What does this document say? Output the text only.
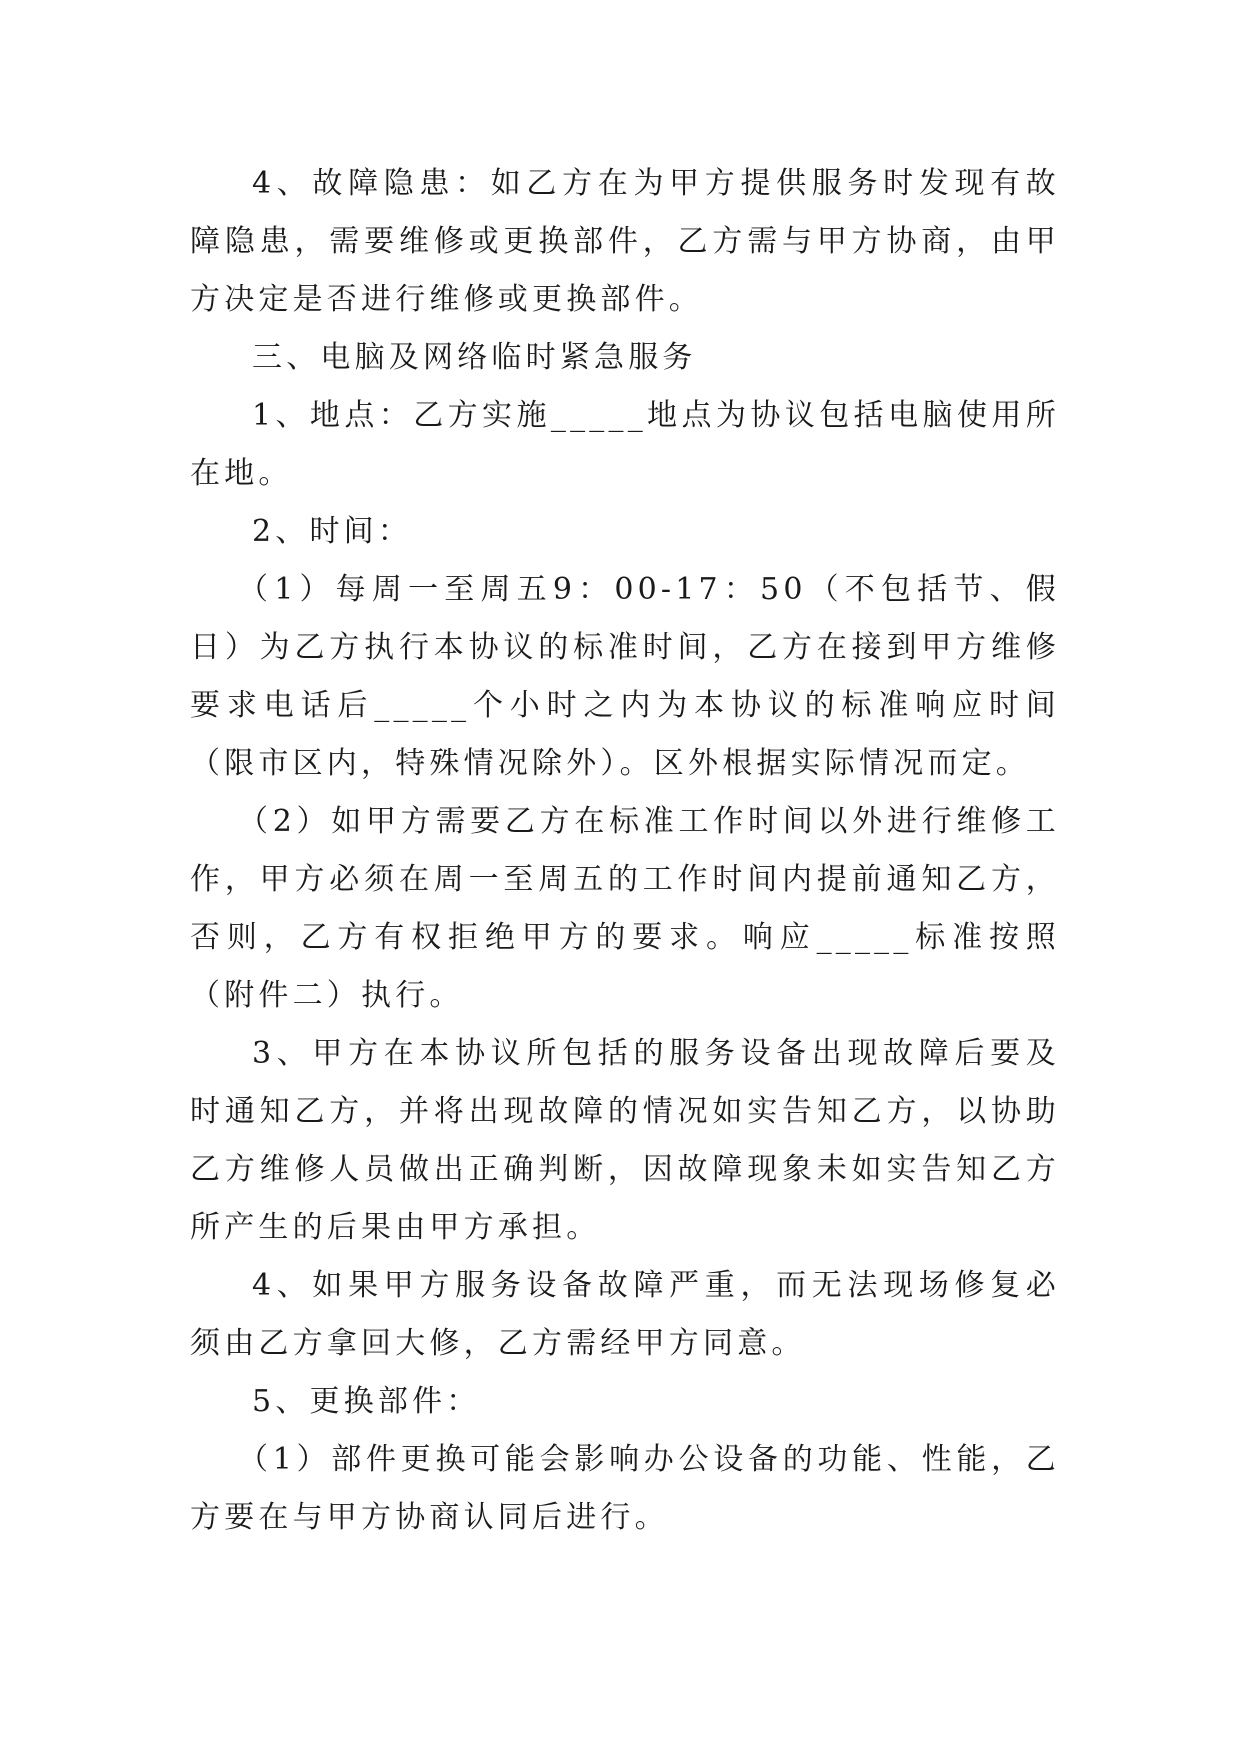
4、故障隐患：如乙方在为甲方提供服务时发现有故障隐患，需要维修或更换部件，乙方需与甲方协商，由甲方决定是否进行维修或更换部件。

三、电脑及网络临时紧急服务

1、地点：乙方实施_____地点为协议包括电脑使用所在地。

2、时间：

（1）每周一至周五9：00-17：50（不包括节、假日）为乙方执行本协议的标准时间，乙方在接到甲方维修要求电话后_____个小时之内为本协议的标准响应时间（限市区内，特殊情况除外）。区外根据实际情况而定。

（2）如甲方需要乙方在标准工作时间以外进行维修工作，甲方必须在周一至周五的工作时间内提前通知乙方，否则，乙方有权拒绝甲方的要求。响应_____标准按照（附件二）执行。

3、甲方在本协议所包括的服务设备出现故障后要及时通知乙方，并将出现故障的情况如实告知乙方，以协助乙方维修人员做出正确判断，因故障现象未如实告知乙方所产生的后果由甲方承担。

4、如果甲方服务设备故障严重，而无法现场修复必须由乙方拿回大修，乙方需经甲方同意。

5、更换部件：

（1）部件更换可能会影响办公设备的功能、性能，乙方要在与甲方协商认同后进行。
